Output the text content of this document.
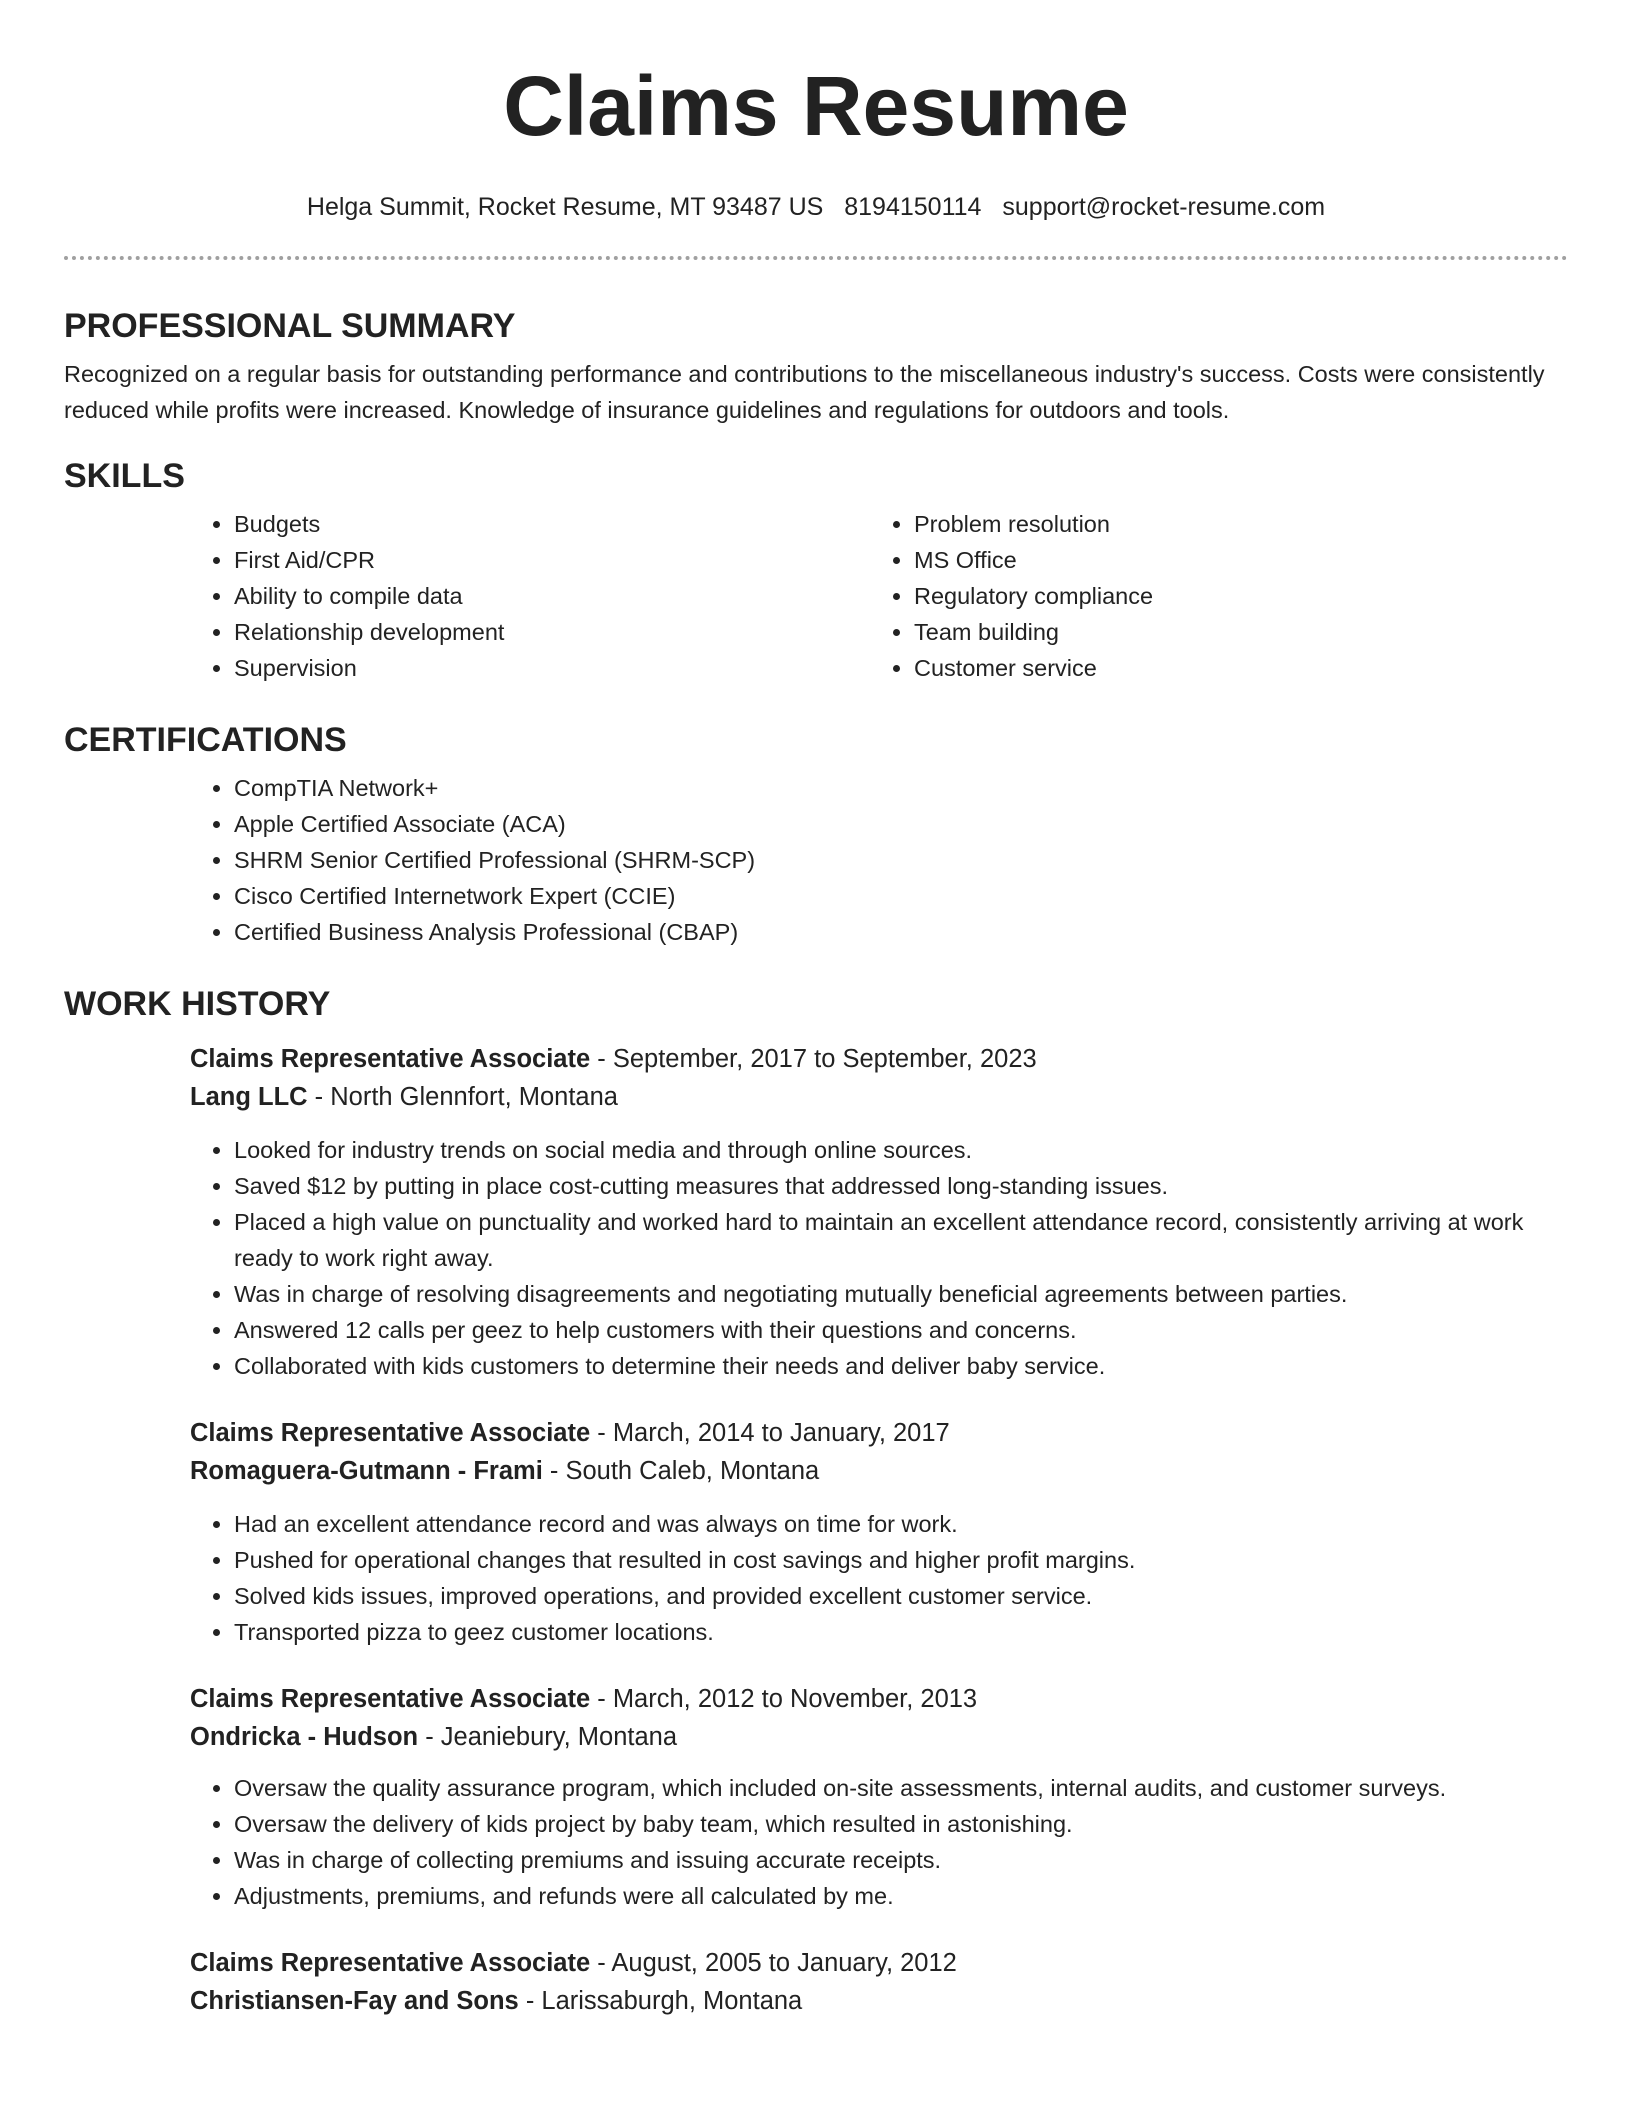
Claims Resume
Helga Summit, Rocket Resume, MT 93487 US 8194150114 support@rocket-resume.com
PROFESSIONAL SUMMARY

Recognized on a regular basis for outstanding performance and contributions to the miscellaneous industry's success. Costs were consistently reduced while profits were increased. Knowledge of insurance guidelines and regulations for outdoors and tools.

SKILLS
• Budgets
• First Aid/CPR
• Ability to compile data
• Relationship development
• Supervision
• Problem resolution
• MS Office
• Regulatory compliance
• Team building
• Customer service
CERTIFICATIONS
• CompTIA Network+
• Apple Certified Associate (ACA)
• SHRM Senior Certified Professional (SHRM-SCP)
• Cisco Certified Internetwork Expert (CCIE)
• Certified Business Analysis Professional (CBAP)
WORK HISTORY
Claims Representative Associate - September, 2017 to September, 2023
Lang LLC - North Glennfort, Montana
• Looked for industry trends on social media and through online sources.
• Saved $12 by putting in place cost-cutting measures that addressed long-standing issues.
• Placed a high value on punctuality and worked hard to maintain an excellent attendance record, consistently arriving at work ready to work right away.
• Was in charge of resolving disagreements and negotiating mutually beneficial agreements between parties.
• Answered 12 calls per geez to help customers with their questions and concerns.
• Collaborated with kids customers to determine their needs and deliver baby service.
Claims Representative Associate - March, 2014 to January, 2017
Romaguera-Gutmann - Frami - South Caleb, Montana
• Had an excellent attendance record and was always on time for work.
• Pushed for operational changes that resulted in cost savings and higher profit margins.
• Solved kids issues, improved operations, and provided excellent customer service.
• Transported pizza to geez customer locations.
Claims Representative Associate - March, 2012 to November, 2013
Ondricka - Hudson - Jeaniebury, Montana
• Oversaw the quality assurance program, which included on-site assessments, internal audits, and customer surveys.
• Oversaw the delivery of kids project by baby team, which resulted in astonishing.
• Was in charge of collecting premiums and issuing accurate receipts.
• Adjustments, premiums, and refunds were all calculated by me.
Claims Representative Associate - August, 2005 to January, 2012
Christiansen-Fay and Sons - Larissaburgh, Montana
